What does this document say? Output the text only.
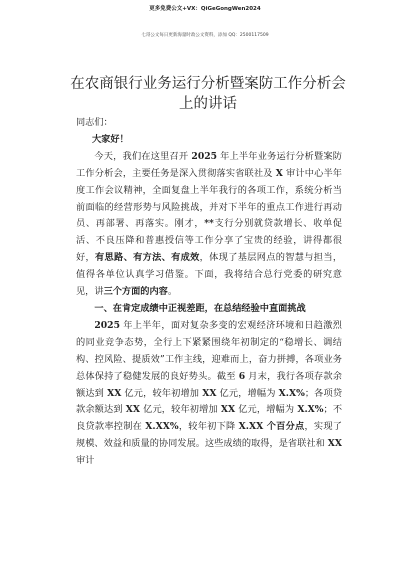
更多免费公文+VX：QiGeGongWen2024
七哥公文每日更新海量时政公文资料，添加 QQ：2500117509
在农商银行业务运行分析暨案防工作分析会上的讲话

同志们：

大家好！

今天，我们在这里召开 2025 年上半年业务运行分析暨案防工作分析会，主要任务是深入贯彻落实省联社及 X 审计中心半年度工作会议精神，全面复盘上半年我行的各项工作，系统分析当前面临的经营形势与风险挑战，并对下半年的重点工作进行再动员、再部署、再落实。刚才，**支行分别就贷款增长、收单促活、不良压降和普惠授信等工作分享了宝贵的经验，讲得都很好，有思路、有方法、有成效，体现了基层网点的智慧与担当，值得各单位认真学习借鉴。下面，我将结合总行党委的研究意见，讲三个方面的内容。

一、在肯定成绩中正视差距，在总结经验中直面挑战

2025 年上半年，面对复杂多变的宏观经济环境和日趋激烈的同业竞争态势，全行上下紧紧围绕年初制定的“稳增长、调结构、控风险、提质效”工作主线，迎难而上，奋力拼搏，各项业务总体保持了稳健发展的良好势头。截至 6 月末，我行各项存款余额达到 XX 亿元，较年初增加 XX 亿元，增幅为 X.X%；各项贷款余额达到 XX 亿元，较年初增加 XX 亿元，增幅为 X.X%；不良贷款率控制在 X.XX%，较年初下降 X.XX 个百分点，实现了规模、效益和质量的协同发展。这些成绩的取得，是省联社和 XX 审计
